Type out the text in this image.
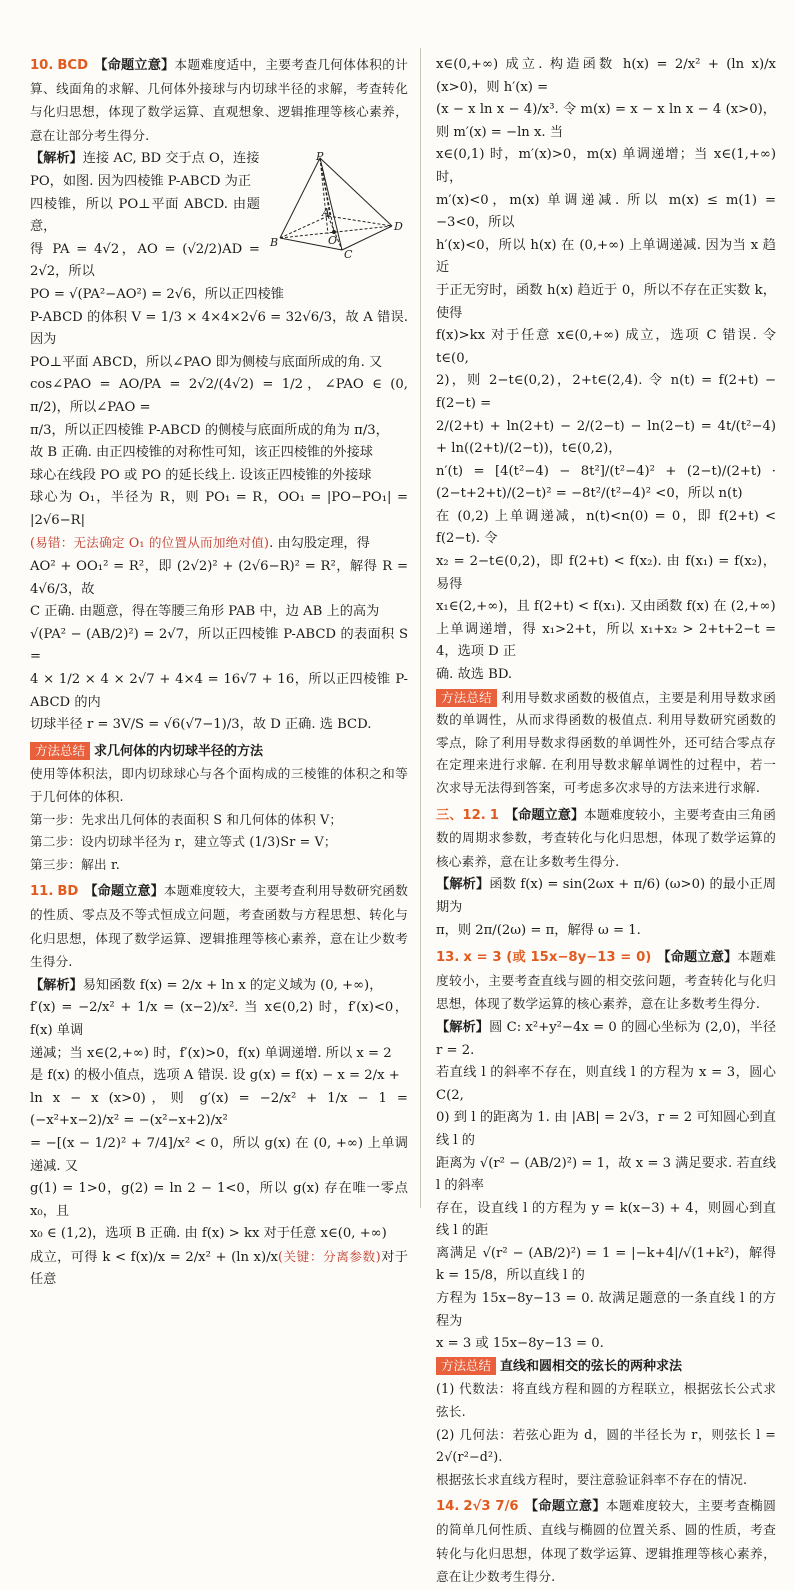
10. BCD 【命题立意】本题难度适中，主要考查几何体体积的计算、线面角的求解、几何体外接球与内切球半径的求解，考查转化与化归思想，体现了数学运算、直观想象、逻辑推理等核心素养，意在让部分考生得分.

P
A
B
C
D
O

【解析】连接 AC, BD 交于点 O，连接

PO，如图. 因为四棱锥 P-ABCD 为正

四棱锥，所以 PO⊥平面 ABCD. 由题意，

得 PA = 4√2，AO = (√2/2)AD = 2√2，所以

PO = √(PA²−AO²) = 2√6，所以正四棱锥

P-ABCD 的体积 V = 1/3 × 4×4×2√6 = 32√6/3，故 A 错误. 因为

PO⊥平面 ABCD，所以∠PAO 即为侧棱与底面所成的角. 又

cos∠PAO = AO/PA = 2√2/(4√2) = 1/2，∠PAO ∈ (0, π/2)，所以∠PAO =

π/3，所以正四棱锥 P-ABCD 的侧棱与底面所成的角为 π/3，

故 B 正确. 由正四棱锥的对称性可知，该正四棱锥的外接球

球心在线段 PO 或 PO 的延长线上. 设该正四棱锥的外接球

球心为 O₁，半径为 R，则 PO₁ = R，OO₁ = |PO−PO₁| = |2√6−R|

(易错：无法确定 O₁ 的位置从而加绝对值). 由勾股定理，得

AO² + OO₁² = R²，即 (2√2)² + (2√6−R)² = R²，解得 R = 4√6/3，故

C 正确. 由题意，得在等腰三角形 PAB 中，边 AB 上的高为

√(PA² − (AB/2)²) = 2√7，所以正四棱锥 P-ABCD 的表面积 S =

4 × 1/2 × 4 × 2√7 + 4×4 = 16√7 + 16，所以正四棱锥 P-ABCD 的内

切球半径 r = 3V/S = √6(√7−1)/3，故 D 正确. 选 BCD.

方法总结 求几何体的内切球半径的方法

使用等体积法，即内切球球心与各个面构成的三棱锥的体积之和等于几何体的体积.

第一步：先求出几何体的表面积 S 和几何体的体积 V；

第二步：设内切球半径为 r，建立等式 (1/3)Sr = V；

第三步：解出 r.

11. BD 【命题立意】本题难度较大，主要考查利用导数研究函数的性质、零点及不等式恒成立问题，考查函数与方程思想、转化与化归思想，体现了数学运算、逻辑推理等核心素养，意在让少数考生得分.

【解析】易知函数 f(x) = 2/x + ln x 的定义域为 (0, +∞)，

f′(x) = −2/x² + 1/x = (x−2)/x². 当 x∈(0,2) 时，f′(x)<0，f(x) 单调

递减；当 x∈(2,+∞) 时，f′(x)>0，f(x) 单调递增. 所以 x = 2

是 f(x) 的极小值点，选项 A 错误. 设 g(x) = f(x) − x = 2/x +

ln x − x (x>0)，则 g′(x) = −2/x² + 1/x − 1 = (−x²+x−2)/x² = −(x²−x+2)/x²

= −[(x − 1/2)² + 7/4]/x² < 0，所以 g(x) 在 (0, +∞) 上单调递减. 又

g(1) = 1>0，g(2) = ln 2 − 1<0，所以 g(x) 存在唯一零点 x₀，且

x₀ ∈ (1,2)，选项 B 正确. 由 f(x) > kx 对于任意 x∈(0, +∞)

成立，可得 k < f(x)/x = 2/x² + (ln x)/x(关键：分离参数)对于任意

x∈(0,+∞) 成立. 构造函数 h(x) = 2/x² + (ln x)/x (x>0)，则 h′(x) =

(x − x ln x − 4)/x³. 令 m(x) = x − x ln x − 4 (x>0)，则 m′(x) = −ln x. 当

x∈(0,1) 时，m′(x)>0，m(x) 单调递增；当 x∈(1,+∞) 时，

m′(x)<0，m(x) 单调递减. 所以 m(x) ≤ m(1) = −3<0，所以

h′(x)<0，所以 h(x) 在 (0,+∞) 上单调递减. 因为当 x 趋近

于正无穷时，函数 h(x) 趋近于 0，所以不存在正实数 k，使得

f(x)>kx 对于任意 x∈(0,+∞) 成立，选项 C 错误. 令 t∈(0,

2)，则 2−t∈(0,2)，2+t∈(2,4). 令 n(t) = f(2+t) − f(2−t) =

2/(2+t) + ln(2+t) − 2/(2−t) − ln(2−t) = 4t/(t²−4) + ln((2+t)/(2−t))，t∈(0,2)，

n′(t) = [4(t²−4) − 8t²]/(t²−4)² + (2−t)/(2+t) · (2−t+2+t)/(2−t)² = −8t²/(t²−4)² <0，所以 n(t)

在 (0,2) 上单调递减，n(t)<n(0) = 0，即 f(2+t) < f(2−t). 令

x₂ = 2−t∈(0,2)，即 f(2+t) < f(x₂). 由 f(x₁) = f(x₂)，易得

x₁∈(2,+∞)，且 f(2+t) < f(x₁). 又由函数 f(x) 在 (2,+∞)

上单调递增，得 x₁>2+t，所以 x₁+x₂ > 2+t+2−t = 4，选项 D 正

确. 故选 BD.

方法总结 利用导数求函数的极值点，主要是利用导数求函数的单调性，从而求得函数的极值点. 利用导数研究函数的零点，除了利用导数求得函数的单调性外，还可结合零点存在定理来进行求解. 在利用导数求解单调性的过程中，若一次求导无法得到答案，可考虑多次求导的方法来进行求解.

三、12. 1 【命题立意】本题难度较小，主要考查由三角函数的周期求参数，考查转化与化归思想，体现了数学运算的核心素养，意在让多数考生得分.

【解析】函数 f(x) = sin(2ωx + π/6) (ω>0) 的最小正周期为

π，则 2π/(2ω) = π，解得 ω = 1.

13. x = 3 (或 15x−8y−13 = 0) 【命题立意】本题难度较小，主要考查直线与圆的相交弦问题，考查转化与化归思想，体现了数学运算的核心素养，意在让多数考生得分.

【解析】圆 C: x²+y²−4x = 0 的圆心坐标为 (2,0)，半径 r = 2.

若直线 l 的斜率不存在，则直线 l 的方程为 x = 3，圆心 C(2,

0) 到 l 的距离为 1. 由 |AB| = 2√3，r = 2 可知圆心到直线 l 的

距离为 √(r² − (AB/2)²) = 1，故 x = 3 满足要求. 若直线 l 的斜率

存在，设直线 l 的方程为 y = k(x−3) + 4，则圆心到直线 l 的距

离满足 √(r² − (AB/2)²) = 1 = |−k+4|/√(1+k²)，解得 k = 15/8，所以直线 l 的

方程为 15x−8y−13 = 0. 故满足题意的一条直线 l 的方程为

x = 3 或 15x−8y−13 = 0.

方法总结 直线和圆相交的弦长的两种求法

(1) 代数法：将直线方程和圆的方程联立，根据弦长公式求弦长.

(2) 几何法：若弦心距为 d，圆的半径长为 r，则弦长 l = 2√(r²−d²).

根据弦长求直线方程时，要注意验证斜率不存在的情况.

14. 2√3 7/6 【命题立意】本题难度较大，主要考查椭圆的简单几何性质、直线与椭圆的位置关系、圆的性质，考查转化与化归思想，体现了数学运算、逻辑推理等核心素养，意在让少数考生得分.
